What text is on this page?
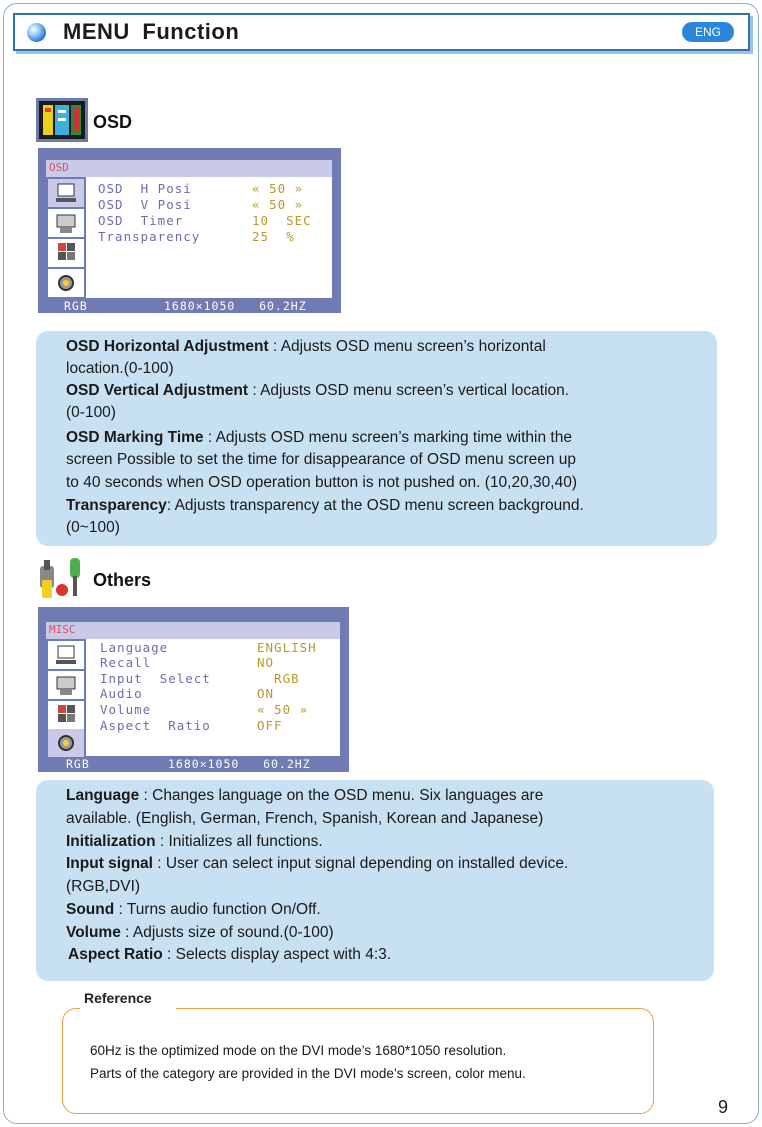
MENU Function	ENG
OSD
OSD
OSD  H Posi	« 50 »
OSD  V Posi	« 50 »
OSD  Timer	10  SEC
Transparency	25  %
RGB	1680×1050   60.2HZ
OSD Horizontal Adjustment : Adjusts OSD menu screen’s horizontal
location.(0-100)
OSD Vertical Adjustment : Adjusts OSD menu screen’s vertical location.
(0-100)
OSD Marking Time : Adjusts OSD menu screen’s marking time within the
screen Possible to set the time for disappearance of OSD menu screen up
to 40 seconds when OSD operation button is not pushed on. (10,20,30,40)
Transparency: Adjusts transparency at the OSD menu screen background.
(0~100)
Others
MISC
Language	ENGLISH
Recall	NO
Input  Select	RGB
Audio	ON
Volume	« 50 »
Aspect  Ratio	OFF
RGB	1680×1050   60.2HZ
Language : Changes language on the OSD menu. Six languages are
available. (English, German, French, Spanish, Korean and Japanese)
Initialization : Initializes all functions.
Input signal : User can select input signal depending on installed device.
(RGB,DVI)
Sound : Turns audio function On/Off.
Volume : Adjusts size of sound.(0-100)
Aspect Ratio : Selects display aspect with 4:3.
Reference
60Hz is the optimized mode on the DVI mode’s 1680*1050 resolution.
Parts of the category are provided in the DVI mode’s screen, color menu.
9
